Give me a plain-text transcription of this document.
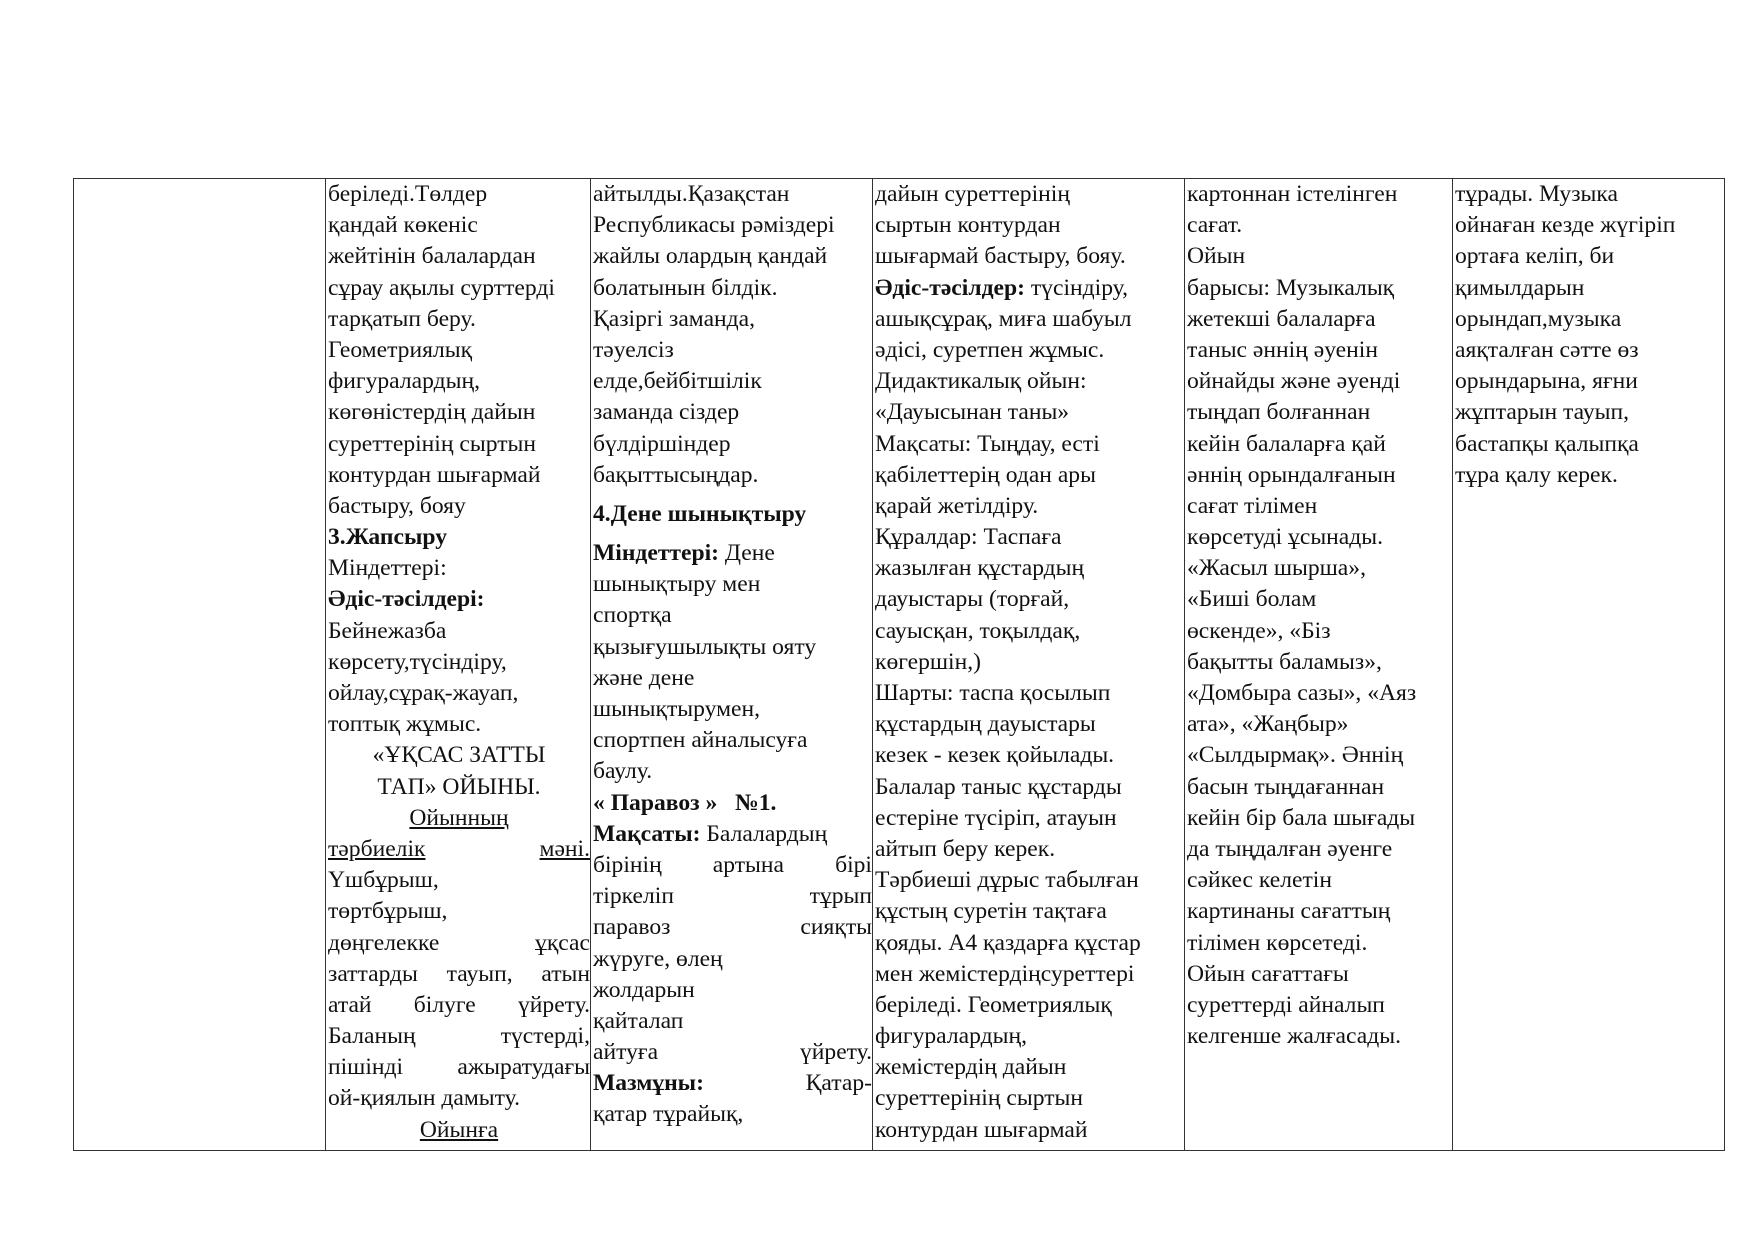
беріледі.Төлдер
қандай көкеніс
жейтінін балалардан
сұрау ақылы сурттерді
тарқатып беру.
Геометриялық
фигуралардың,
көгөністердің дайын
суреттерінің сыртын
контурдан шығармай
бастыру, бояу
3.Жапсыру
Міндеттері:
Әдіс-тәсілдері:
Бейнежазба
көрсету,түсіндіру,
ойлау,сұрақ-жауап,
топтық жұмыс.
«ҰҚСАС ЗАТТЫ
ТАП» ОЙЫНЫ.
Ойынның
тәрбиелік	мәні.
Үшбұрыш,
төртбұрыш,
дөңгелекке	ұқсас
заттарды тауып, атын
атай білуге үйрету.
Баланың	түстерді,
пішінді ажыратудағы
ой-қиялын дамыту.
Ойынға

айтылды.Қазақстан
Республикасы рәміздері
жайлы олардың қандай
болатынын білдік.
Қазіргі заманда,
тәуелсіз
елде,бейбітшілік
заманда сіздер
бүлдіршіндер
бақыттысыңдар.
4.Дене шынықтыру
Міндеттері: Дене
шынықтыру мен
спортқа
қызығушылықты ояту
және дене
шынықтырумен,
спортпен айналысуға
баулу.
« Паравоз »   №1.
Мақсаты: Балалардың
бірінің артына бірі
тіркеліп	тұрып
паравоз	сияқты
жүруге, өлең
жолдарын
қайталап
айтуға	үйрету.
Мазмұны:	Қатар-
қатар тұрайық,

дайын суреттерінің
сыртын контурдан
шығармай бастыру, бояу.
Әдіс-тәсілдер: түсіндіру,
ашықсұрақ, миға шабуыл
әдісі, суретпен жұмыс.
Дидактикалық ойын:
«Дауысынан таны»
Мақсаты: Тыңдау, есті
қабілеттерің одан ары
қарай жетілдіру.
Құралдар: Таспаға
жазылған құстардың
дауыстары (торғай,
сауысқан, тоқылдақ,
көгершін,)
Шарты: таспа қосылып
құстардың дауыстары
кезек - кезек қойылады.
Балалар таныс құстарды
естеріне түсіріп, атауын
айтып беру керек.
Тәрбиеші дұрыс табылған
құстың суретін тақтаға
қояды. А4 қаздарға құстар
мен жемістердіңсуреттері
беріледі. Геометриялық
фигуралардың,
жемістердің дайын
суреттерінің сыртын
контурдан шығармай

картоннан істелінген
сағат.
Ойын
барысы: Музыкалық
жетекші балаларға
таныс әннің әуенін
ойнайды және әуенді
тыңдап болғаннан
кейін балаларға қай
әннің орындалғанын
сағат тілімен
көрсетуді ұсынады.
«Жасыл шырша»,
«Биші болам
өскенде», «Біз
бақытты баламыз»,
«Домбыра сазы», «Аяз
ата», «Жаңбыр»
«Сылдырмақ». Әннің
басын тыңдағаннан
кейін бір бала шығады
да тыңдалған әуенге
сәйкес келетін
картинаны сағаттың
тілімен көрсетеді.
Ойын сағаттағы
суреттерді айналып
келгенше жалғасады.

тұрады. Музыка
ойнаған кезде жүгіріп
ортаға келіп, би
қимылдарын
орындап,музыка
аяқталған сәтте өз
орындарына, яғни
жұптарын тауып,
бастапқы қалыпқа
тұра қалу керек.
